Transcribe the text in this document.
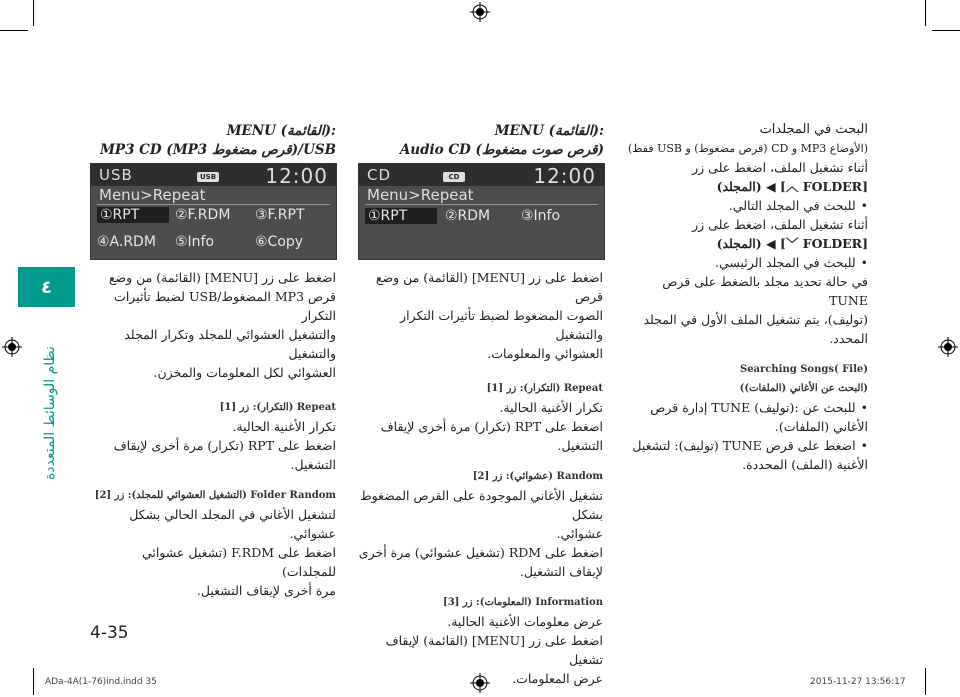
٤
نظام الوسائط المتعددة

البحث في المجلدات

(الأوضاع MP3 و CD (قرص مضغوط) و USB فقط)

أثناء تشغيل الملف، اضغط على زر

[FOLDER ︿] ◀ (المجلد)

• للبحث في المجلد التالي.

أثناء تشغيل الملف، اضغط على زر

[FOLDER ﹀] ◀ (المجلد)

• للبحث في المجلد الرئيسي.

في حالة تحديد مجلد بالضغط على قرص TUNE

(توليف)، يتم تشغيل الملف الأول في المجلد المحدد.

Searching Songs( File)

(البحث عن الأغاني (الملفات))

• للبحث عن :(توليف) TUNE إدارة قرص

الأغاني (الملفات).

• اضغط على قرص TUNE (توليف): لتشغيل

الأغنية (الملف) المحددة.

:(القائمة) MENU

(قرص صوت مضغوط) Audio CD

CD	CD	12:00
Menu>Repeat
①RPT	②RDM ③Info

اضغط على زر [MENU] (القائمة) من وضع قرص

الصوت المضغوط لضبط تأثيرات التكرار والتشغيل

العشوائي والمعلومات.

Repeat (التكرار): زر [1]

تكرار الأغنية الحالية.

اضغط على RPT (تكرار) مرة أخرى لإيقاف

التشغيل.

Random (عشوائي): زر [2]

تشغيل الأغاني الموجودة على القرص المضغوط بشكل

عشوائي.

اضغط على RDM (تشغيل عشوائي) مرة أخرى

لإيقاف التشغيل.

Information (المعلومات): زر [3]

عرض معلومات الأغنية الحالية.

اضغط على زر [MENU] (القائمة) لإيقاف تشغيل

عرض المعلومات.

:(القائمة) MENU

USB/(قرص مضغوط MP3) MP3 CD

USB	USB 12:00
Menu>Repeat
①RPT	②F.RDM ③F.RPT
④A.RDM ⑤Info	⑥Copy

اضغط على زر [MENU] (القائمة) من وضع

قرص MP3 المضغوط/USB لضبط تأثيرات التكرار

والتشغيل العشوائي للمجلد وتكرار المجلد والتشغيل

العشوائي لكل المعلومات والمخزن.

Repeat (التكرار): زر [1]

تكرار الأغنية الحالية.

اضغط على RPT (تكرار) مرة أخرى لإيقاف

التشغيل.

Folder Random (التشغيل العشوائي للمجلد): زر [2]

لتشغيل الأغاني في المجلد الحالي بشكل عشوائي.

اضغط على F.RDM (تشغيل عشوائي للمجلدات)

مرة أخرى لإيقاف التشغيل.

4-35
ADa-4A(1-76)ind.indd 35	2015-11-27 13:56:17
